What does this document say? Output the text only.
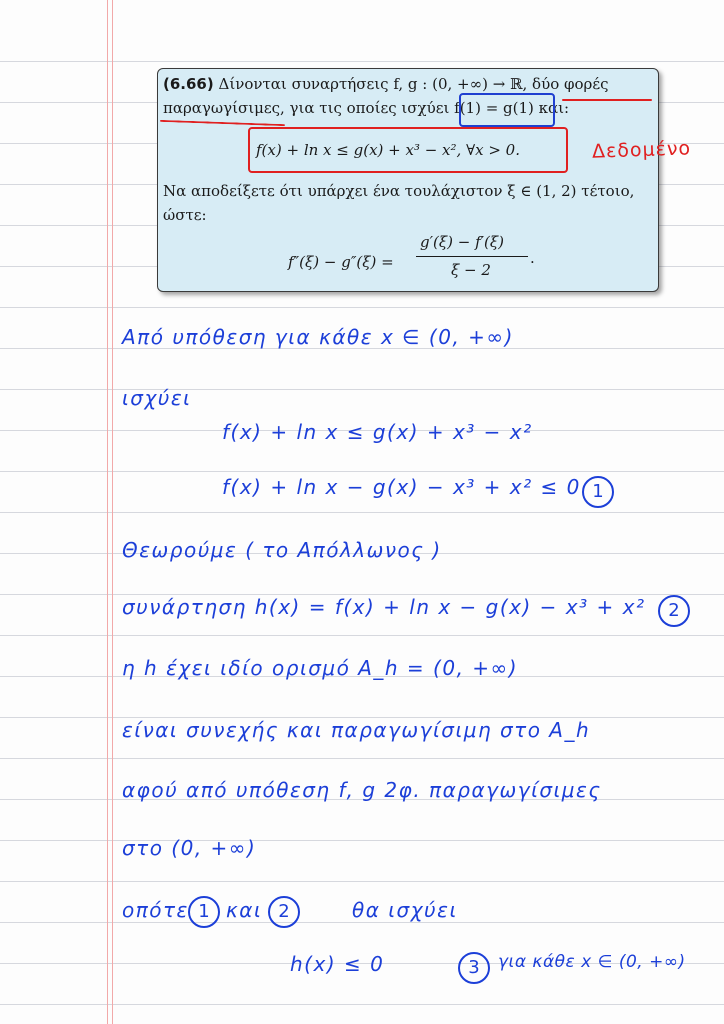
(6.66) Δίνονται συναρτήσεις f, g : (0, +∞) → ℝ, δύο φορές
παραγωγίσιμες, για τις οποίες ισχύει f(1) = g(1) και:
f(x) + ln x ≤ g(x) + x³ − x², ∀x > 0.
Να αποδείξετε ότι υπάρχει ένα τουλάχιστον ξ ∈ (1, 2) τέτοιο,
ώστε:
f″(ξ) − g″(ξ) =
g′(ξ) − f′(ξ)
ξ − 2
.
Δεδομένο
Από υπόθεση για κάθε x ∈ (0, +∞)
ισχύει
f(x) + ln x ≤ g(x) + x³ − x²
f(x) + ln x − g(x) − x³ + x² ≤ 0 1
Θεωρούμε ( το Απόλλωνος )
συνάρτηση h(x) = f(x) + ln x − g(x) − x³ + x²	2
η h έχει ιδίο ορισμό A_h = (0, +∞)
είναι συνεχής και παραγωγίσιμη στο A_h
αφού από υπόθεση f, g 2φ. παραγωγίσιμες
στο (0, +∞)
οπότε 1 και 2	θα ισχύει
h(x) ≤ 0	3	για κάθε x ∈ (0, +∞)
